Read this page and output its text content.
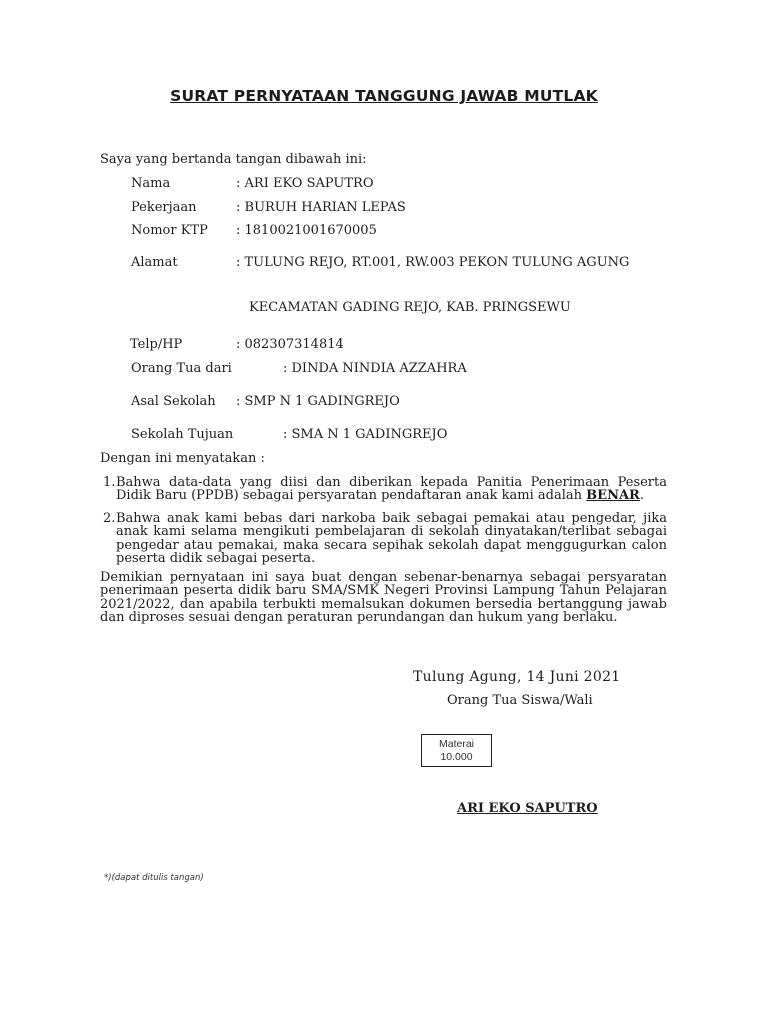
SURAT PERNYATAAN TANGGUNG JAWAB MUTLAK
Saya yang bertanda tangan dibawah ini:
Nama	: ARI EKO SAPUTRO
Pekerjaan	: BURUH HARIAN LEPAS
Nomor KTP : 1810021001670005
Alamat	: TULUNG REJO, RT.001, RW.003 PEKON TULUNG AGUNG
KECAMATAN GADING REJO, KAB. PRINGSEWU
Telp/HP	: 082307314814
Orang Tua dari	: DINDA NINDIA AZZAHRA
Asal Sekolah : SMP N 1 GADINGREJO
Sekolah Tujuan	: SMA N 1 GADINGREJO
Dengan ini menyatakan :
1. Bahwa data-data yang diisi dan diberikan kepada Panitia Penerimaan Peserta Didik Baru (PPDB) sebagai persyaratan pendaftaran anak kami adalah BENAR.
2. Bahwa anak kami bebas dari narkoba baik sebagai pemakai atau pengedar, jika anak kami selama mengikuti pembelajaran di sekolah dinyatakan/terlibat sebagai pengedar atau pemakai, maka secara sepihak sekolah dapat menggugurkan calon peserta didik sebagai peserta.
Demikian pernyataan ini saya buat dengan sebenar-benarnya sebagai persyaratan penerimaan peserta didik baru SMA/SMK Negeri Provinsi Lampung Tahun Pelajaran 2021/2022, dan apabila terbukti memalsukan dokumen bersedia bertanggung jawab dan diproses sesuai dengan peraturan perundangan dan hukum yang berlaku.
Tulung Agung, 14 Juni 2021
Orang Tua Siswa/Wali
Materai
10.000
ARI EKO SAPUTRO
*)(dapat ditulis tangan)
